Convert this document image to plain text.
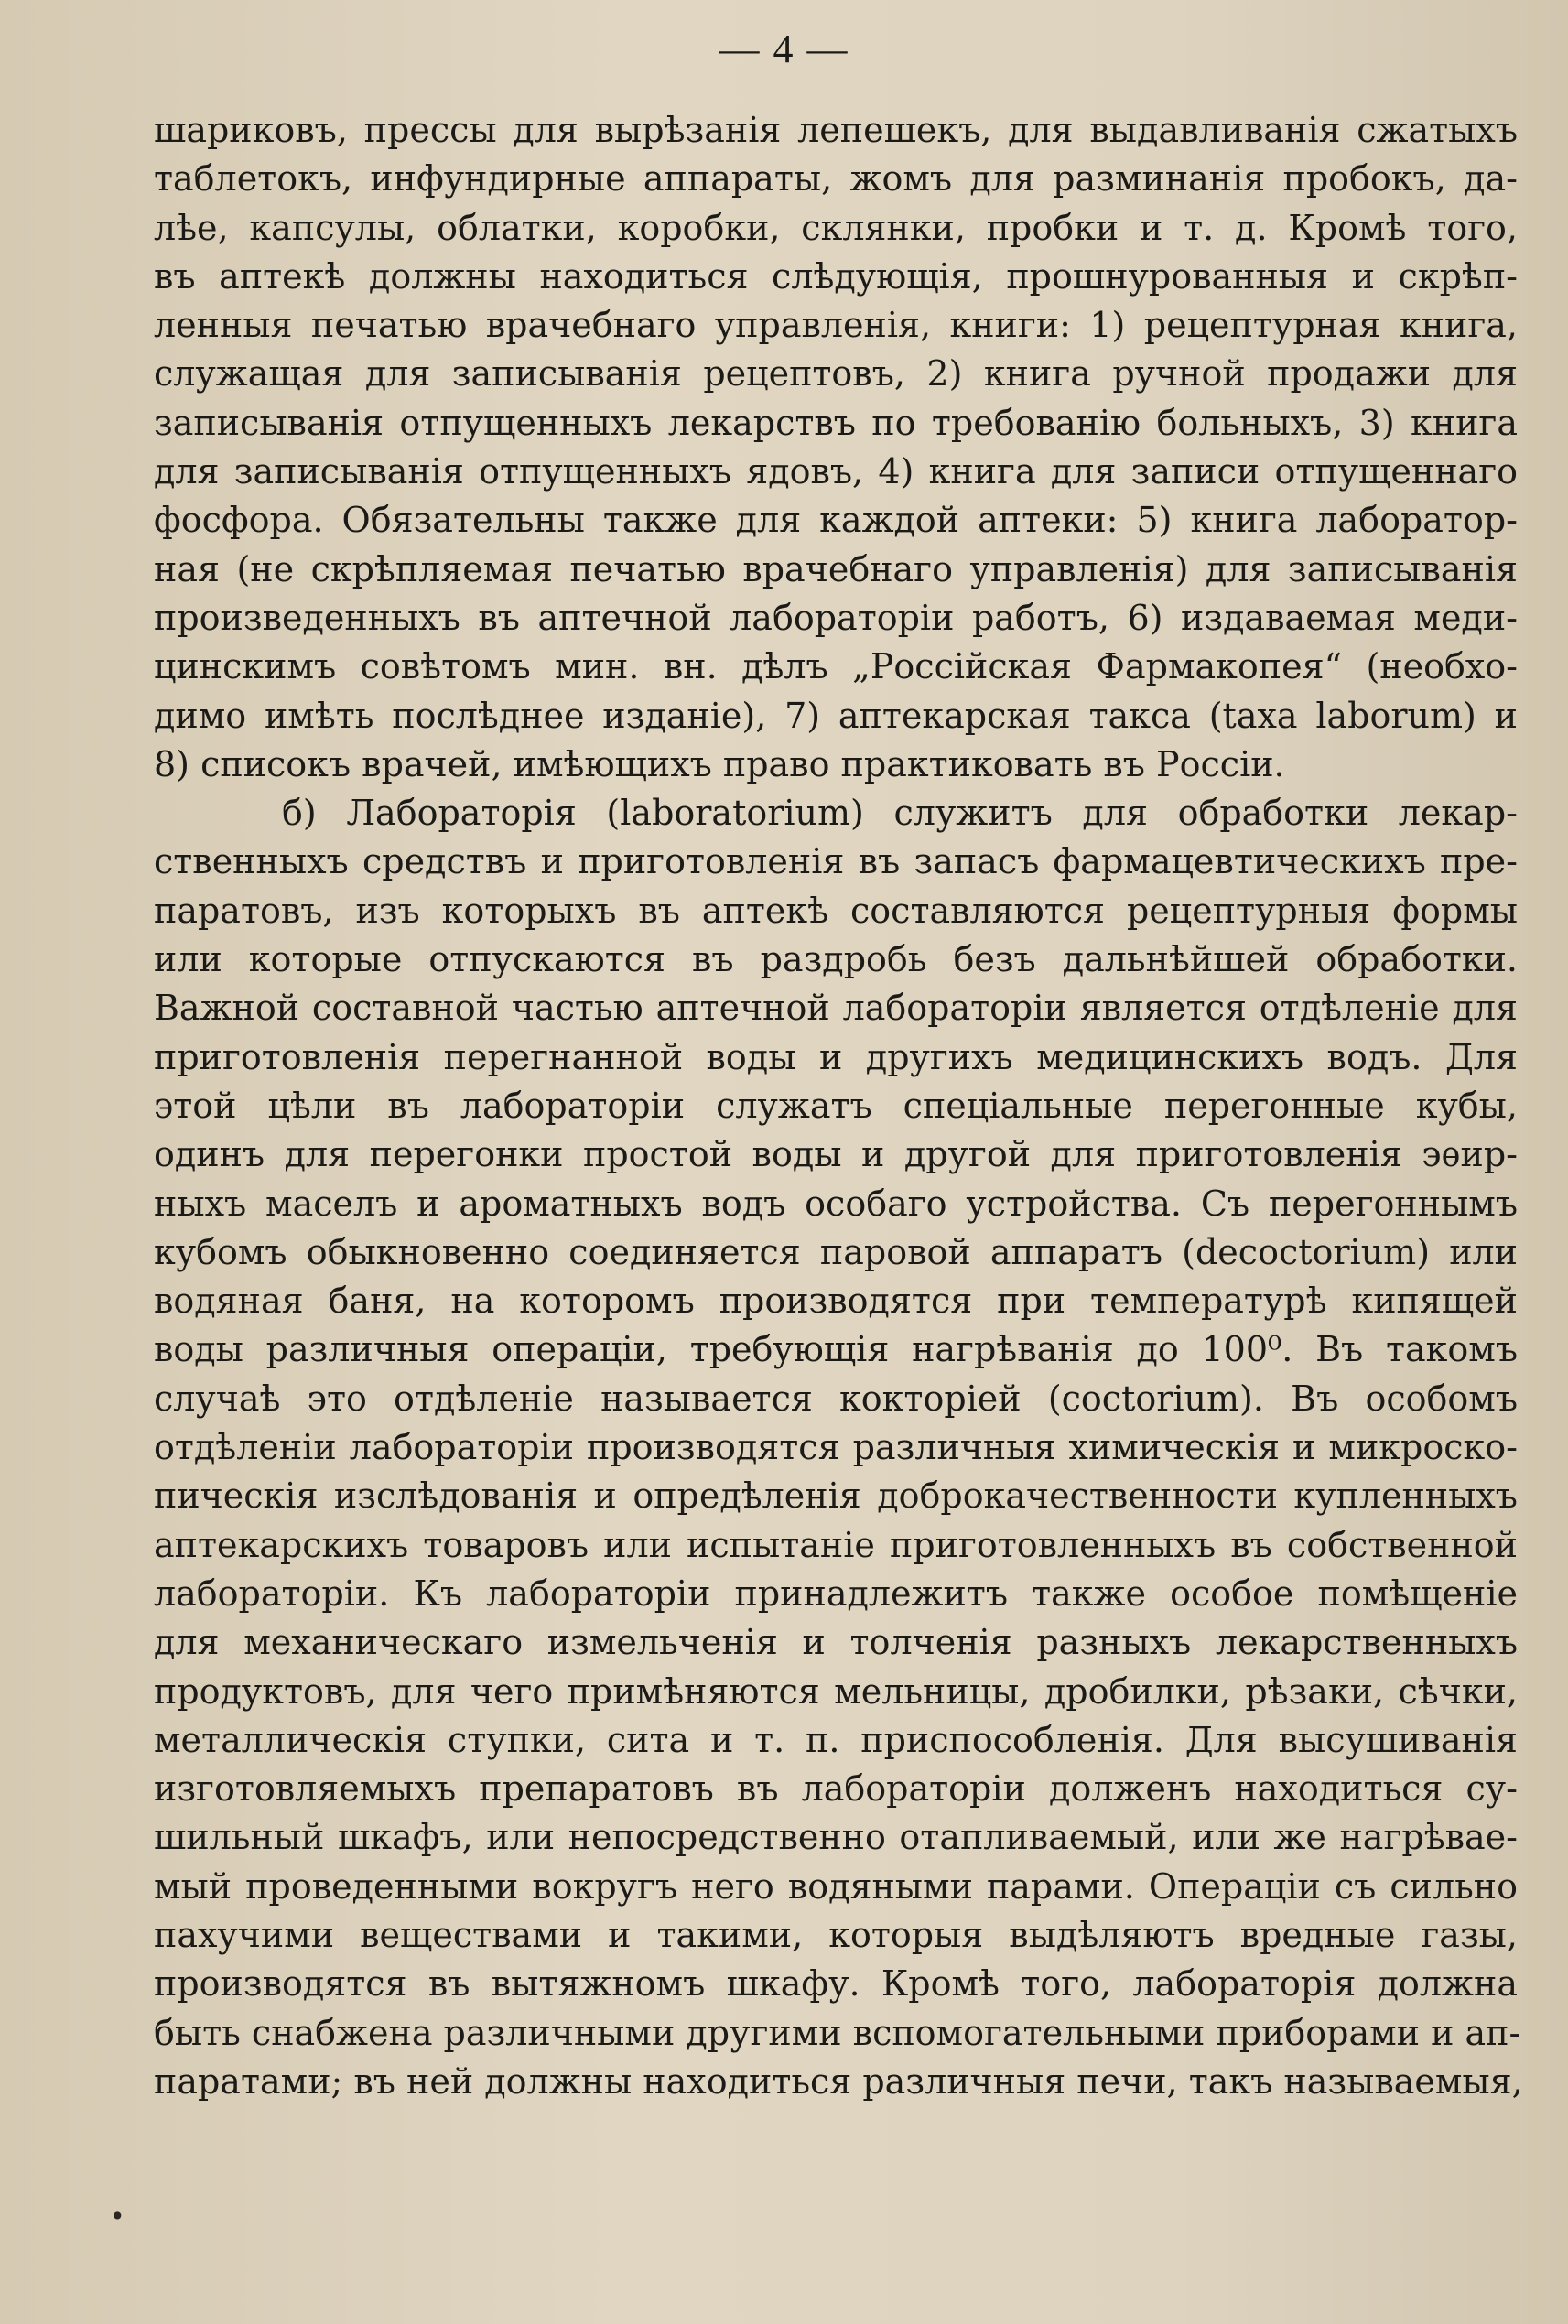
— 4 —
шариковъ, прессы для вырѣзанія лепешекъ, для выдавливанія сжатыхъ
таблетокъ, инфундирные аппараты, жомъ для разминанія пробокъ, да-
лѣе, капсулы, облатки, коробки, склянки, пробки и т. д. Кромѣ того,
въ аптекѣ должны находиться слѣдующія, прошнурованныя и скрѣп-
ленныя печатью врачебнаго управленія, книги: 1) рецептурная книга,
служащая для записыванія рецептовъ, 2) книга ручной продажи для
записыванія отпущенныхъ лекарствъ по требованію больныхъ, 3) книга
для записыванія отпущенныхъ ядовъ, 4) книга для записи отпущеннаго
фосфора. Обязательны также для каждой аптеки: 5) книга лаборатор-
ная (не скрѣпляемая печатью врачебнаго управленія) для записыванія
произведенныхъ въ аптечной лабораторіи работъ, 6) издаваемая меди-
цинскимъ совѣтомъ мин. вн. дѣлъ „Россійская Фармакопея“ (необхо-
димо имѣть послѣднее изданіе), 7) аптекарская такса (taxa laborum) и
8) списокъ врачей, имѣющихъ право практиковать въ Россіи.
б) Лабораторія (laboratorium) служитъ для обработки лекар-
ственныхъ средствъ и приготовленія въ запасъ фармацевтическихъ пре-
паратовъ, изъ которыхъ въ аптекѣ составляются рецептурныя формы
или которые отпускаются въ раздробь безъ дальнѣйшей обработки.
Важной составной частью аптечной лабораторіи является отдѣленіе для
приготовленія перегнанной воды и другихъ медицинскихъ водъ. Для
этой цѣли въ лабораторіи служатъ спеціальные перегонные кубы,
одинъ для перегонки простой воды и другой для приготовленія эѳир-
ныхъ маселъ и ароматныхъ водъ особаго устройства. Съ перегоннымъ
кубомъ обыкновенно соединяется паровой аппаратъ (decoctorium) или
водяная баня, на которомъ производятся при температурѣ кипящей
воды различныя операціи, требующія нагрѣванія до 100⁰. Въ такомъ
случаѣ это отдѣленіе называется кокторіей (coctorium). Въ особомъ
отдѣленіи лабораторіи производятся различныя химическія и микроско-
пическія изслѣдованія и опредѣленія доброкачественности купленныхъ
аптекарскихъ товаровъ или испытаніе приготовленныхъ въ собственной
лабораторіи. Къ лабораторіи принадлежитъ также особое помѣщеніе
для механическаго измельченія и толченія разныхъ лекарственныхъ
продуктовъ, для чего примѣняются мельницы, дробилки, рѣзаки, сѣчки,
металлическія ступки, сита и т. п. приспособленія. Для высушиванія
изготовляемыхъ препаратовъ въ лабораторіи долженъ находиться су-
шильный шкафъ, или непосредственно отапливаемый, или же нагрѣвае-
мый проведенными вокругъ него водяными парами. Операціи съ сильно
пахучими веществами и такими, которыя выдѣляютъ вредные газы,
производятся въ вытяжномъ шкафу. Кромѣ того, лабораторія должна
быть снабжена различными другими вспомогательными приборами и ап-
паратами; въ ней должны находиться различныя печи, такъ называемыя,
•
